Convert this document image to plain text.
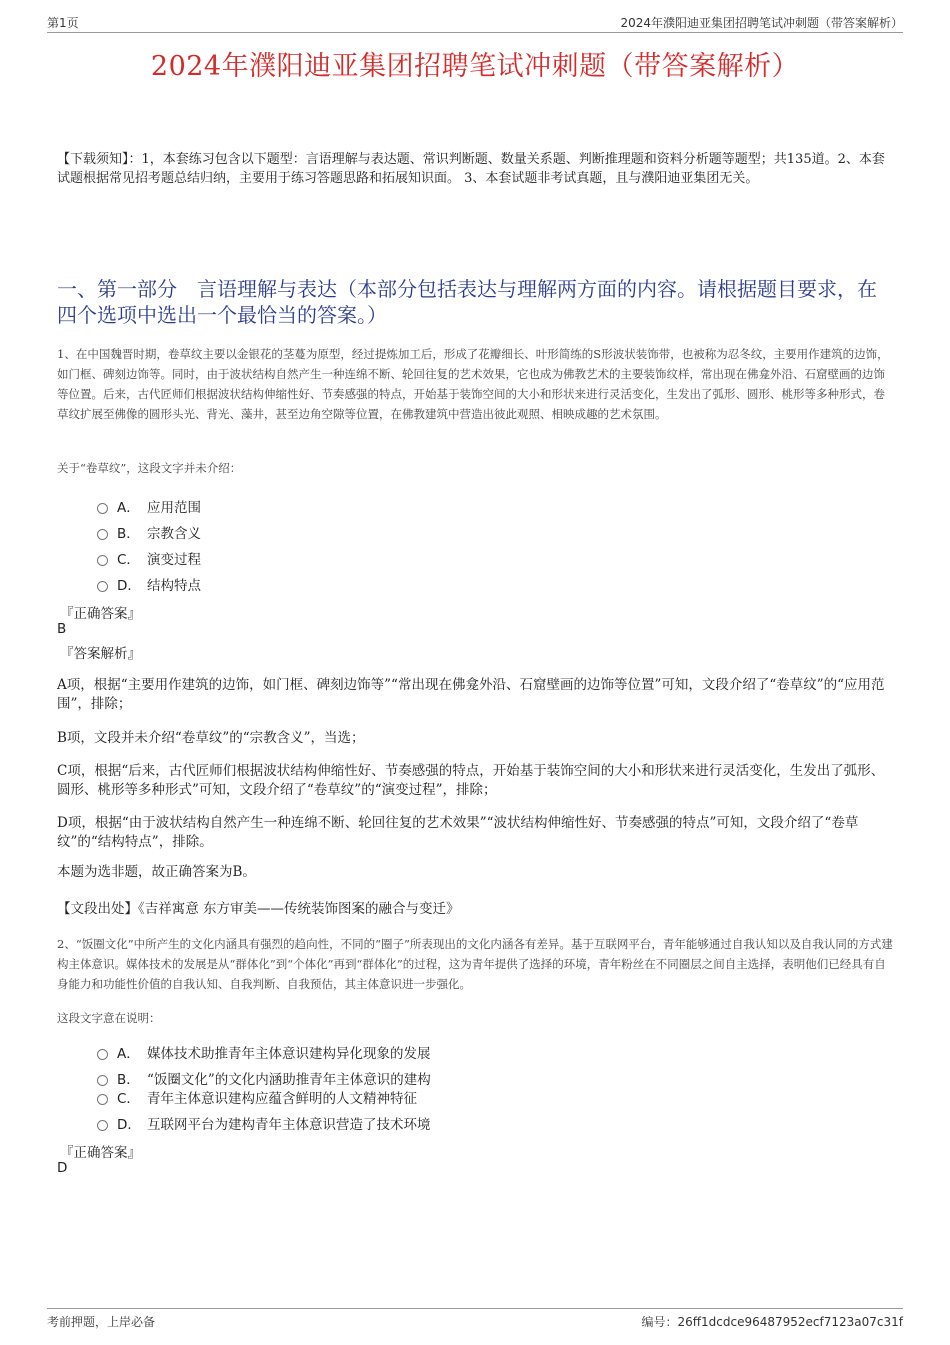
第1页	2024年濮阳迪亚集团招聘笔试冲刺题（带答案解析）
2024年濮阳迪亚集团招聘笔试冲刺题（带答案解析）
【下载须知】：1，本套练习包含以下题型：言语理解与表达题、常识判断题、数量关系题、判断推理题和资料分析题等题型；共135道。2、本套试题根据常见招考题总结归纳，主要用于练习答题思路和拓展知识面。 3、本套试题非考试真题，且与濮阳迪亚集团无关。
一、第一部分　言语理解与表达（本部分包括表达与理解两方面的内容。请根据题目要求，在四个选项中选出一个最恰当的答案。）
1、在中国魏晋时期，卷草纹主要以金银花的茎蔓为原型，经过提炼加工后，形成了花瓣细长、叶形简练的S形波状装饰带，也被称为忍冬纹，主要用作建筑的边饰，如门框、碑刻边饰等。同时，由于波状结构自然产生一种连绵不断、轮回往复的艺术效果，它也成为佛教艺术的主要装饰纹样，常出现在佛龛外沿、石窟壁画的边饰等位置。后来，古代匠师们根据波状结构伸缩性好、节奏感强的特点，开始基于装饰空间的大小和形状来进行灵活变化，生发出了弧形、圆形、桃形等多种形式，卷草纹扩展至佛像的圆形头光、背光、藻井，甚至边角空隙等位置，在佛教建筑中营造出彼此观照、相映成趣的艺术氛围。
关于“卷草纹”，这段文字并未介绍：
A． 应用范围
B． 宗教含义
C． 演变过程
D． 结构特点
『正确答案』
B
『答案解析』
A项，根据“主要用作建筑的边饰，如门框、碑刻边饰等”“常出现在佛龛外沿、石窟壁画的边饰等位置”可知，文段介绍了“卷草纹”的“应用范围”，排除；
B项，文段并未介绍“卷草纹”的“宗教含义”，当选；
C项，根据“后来，古代匠师们根据波状结构伸缩性好、节奏感强的特点，开始基于装饰空间的大小和形状来进行灵活变化，生发出了弧形、圆形、桃形等多种形式”可知，文段介绍了“卷草纹”的“演变过程”，排除；
D项，根据“由于波状结构自然产生一种连绵不断、轮回往复的艺术效果”“波状结构伸缩性好、节奏感强的特点”可知，文段介绍了“卷草纹”的“结构特点”，排除。
本题为选非题，故正确答案为B。
【文段出处】《吉祥寓意 东方审美——传统装饰图案的融合与变迁》
2、“饭圈文化”中所产生的文化内涵具有强烈的趋向性，不同的“圈子”所表现出的文化内涵各有差异。基于互联网平台，青年能够通过自我认知以及自我认同的方式建构主体意识。媒体技术的发展是从“群体化”到“个体化”再到“群体化”的过程，这为青年提供了选择的环境，青年粉丝在不同圈层之间自主选择，表明他们已经具有自身能力和功能性价值的自我认知、自我判断、自我预估，其主体意识进一步强化。
这段文字意在说明：
A． 媒体技术助推青年主体意识建构异化现象的发展
B． “饭圈文化”的文化内涵助推青年主体意识的建构
C． 青年主体意识建构应蕴含鲜明的人文精神特征
D． 互联网平台为建构青年主体意识营造了技术环境
『正确答案』
D
考前押题，上岸必备	编号：26ff1dcdce96487952ecf7123a07c31f
